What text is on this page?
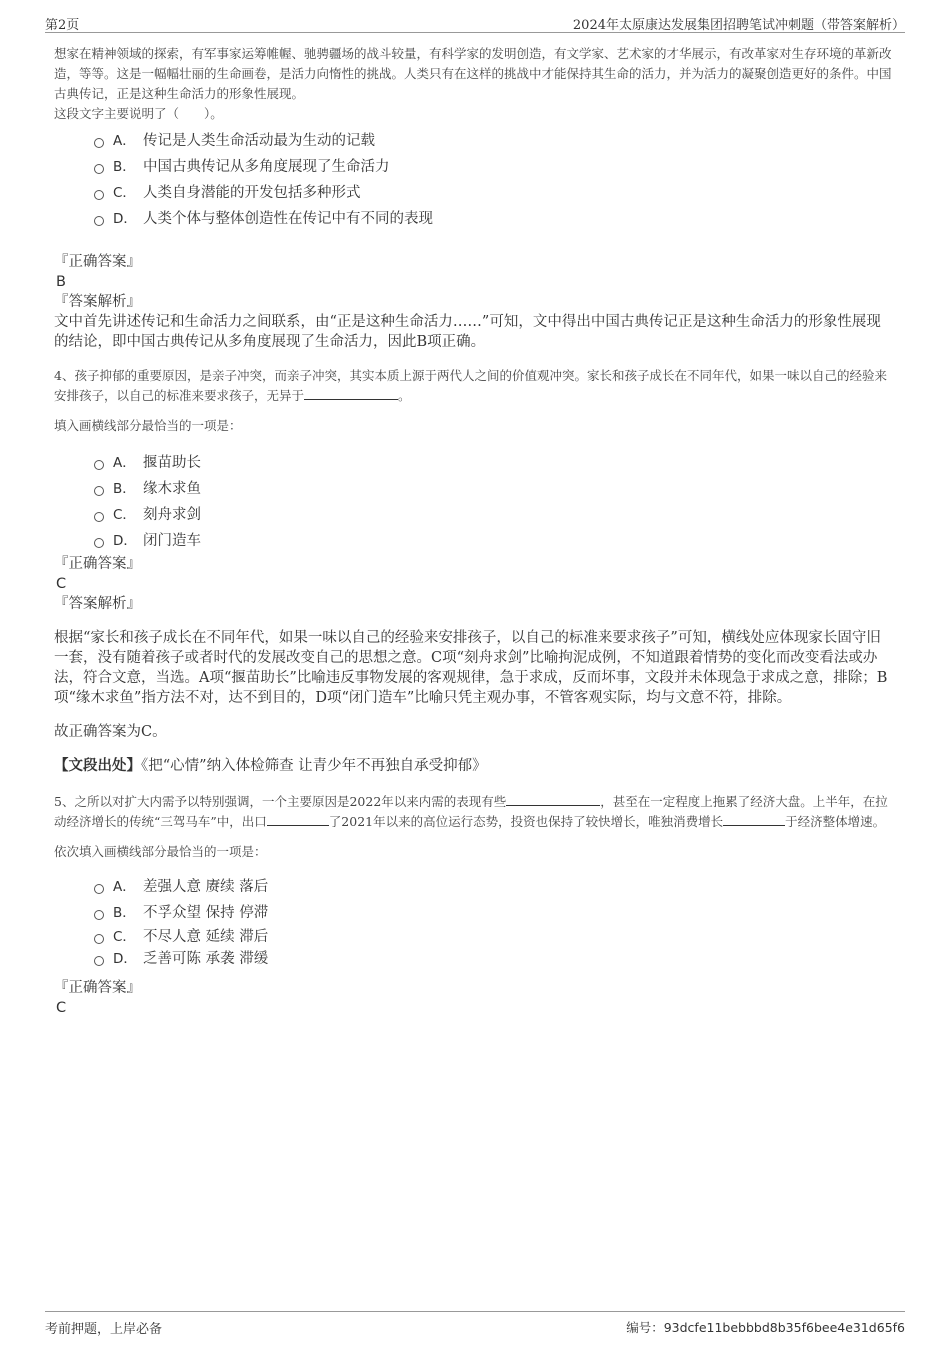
第2页	2024年太原康达发展集团招聘笔试冲刺题（带答案解析）

想家在精神领域的探索，有军事家运筹帷幄、驰骋疆场的战斗较量，有科学家的发明创造，有文学家、艺术家的才华展示，有改革家对生存环境的革新改造，等等。这是一幅幅壮丽的生命画卷，是活力向惰性的挑战。人类只有在这样的挑战中才能保持其生命的活力，并为活力的凝聚创造更好的条件。中国古典传记，正是这种生命活力的形象性展现。

这段文字主要说明了（　　）。

A． 传记是人类生命活动最为生动的记载
B． 中国古典传记从多角度展现了生命活力
C． 人类自身潜能的开发包括多种形式
D． 人类个体与整体创造性在传记中有不同的表现

『正确答案』

B

『答案解析』

文中首先讲述传记和生命活力之间联系，由“正是这种生命活力……”可知，文中得出中国古典传记正是这种生命活力的形象性展现的结论，即中国古典传记从多角度展现了生命活力，因此B项正确。

4、孩子抑郁的重要原因，是亲子冲突，而亲子冲突，其实本质上源于两代人之间的价值观冲突。家长和孩子成长在不同年代，如果一味以自己的经验来安排孩子，以自己的标准来要求孩子，无异于	。

填入画横线部分最恰当的一项是：

A． 揠苗助长
B． 缘木求鱼
C． 刻舟求剑
D． 闭门造车

『正确答案』

C

『答案解析』

根据“家长和孩子成长在不同年代，如果一味以自己的经验来安排孩子，以自己的标准来要求孩子”可知，横线处应体现家长固守旧一套，没有随着孩子或者时代的发展改变自己的思想之意。C项“刻舟求剑”比喻拘泥成例，不知道跟着情势的变化而改变看法或办法，符合文意，当选。A项“揠苗助长”比喻违反事物发展的客观规律，急于求成，反而坏事，文段并未体现急于求成之意，排除；B项“缘木求鱼”指方法不对，达不到目的，D项“闭门造车”比喻只凭主观办事，不管客观实际，均与文意不符，排除。

故正确答案为C。

【文段出处】《把“心情”纳入体检筛查 让青少年不再独自承受抑郁》

5、之所以对扩大内需予以特别强调，一个主要原因是2022年以来内需的表现有些	，甚至在一定程度上拖累了经济大盘。上半年，在拉动经济增长的传统“三驾马车”中，出口	了2021年以来的高位运行态势，投资也保持了较快增长，唯独消费增长	于经济整体增速。

依次填入画横线部分最恰当的一项是：

A． 差强人意 赓续 落后
B． 不孚众望 保持 停滞
C． 不尽人意 延续 滞后
D． 乏善可陈 承袭 滞缓

『正确答案』

C

考前押题，上岸必备	编号：93dcfe11bebbbd8b35f6bee4e31d65f6
